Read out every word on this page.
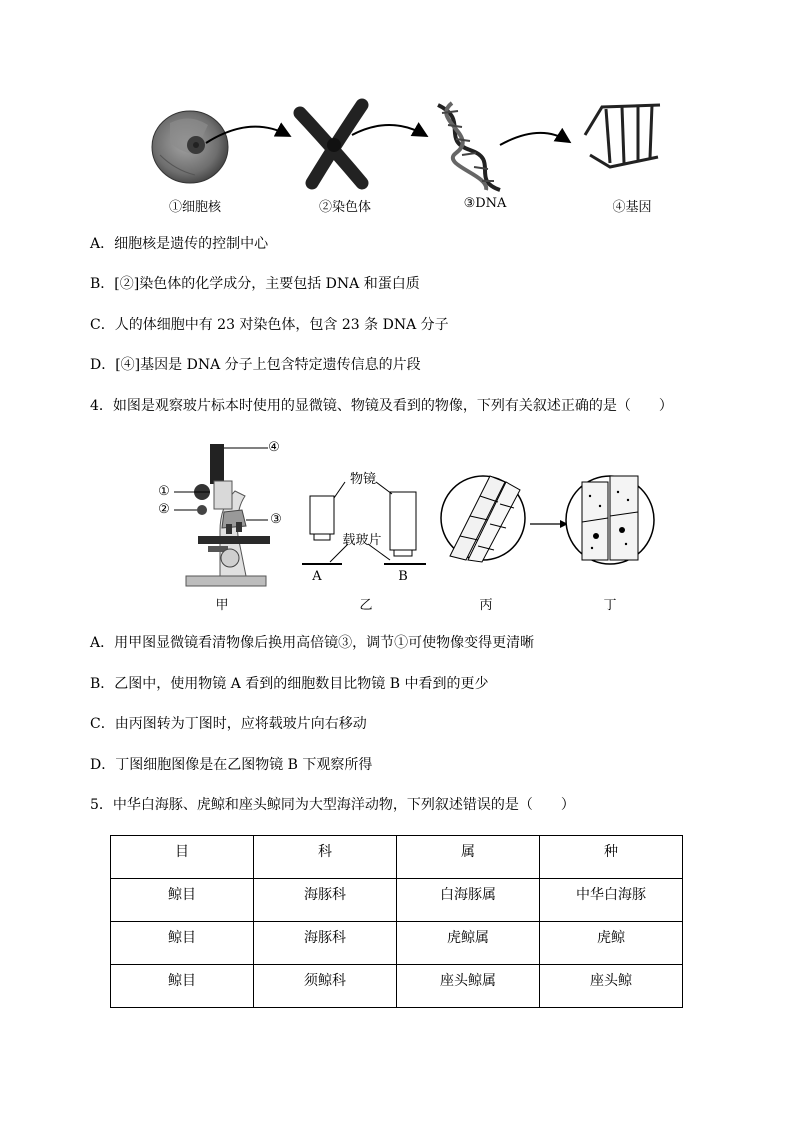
①细胞核	②染色体	③DNA	④基因
A．细胞核是遗传的控制中心
B．[②]染色体的化学成分，主要包括 DNA 和蛋白质
C．人的体细胞中有 23 对染色体，包含 23 条 DNA 分子
D．[④]基因是 DNA 分子上包含特定遗传信息的片段
4．如图是观察玻片标本时使用的显微镜、物镜及看到的物像，下列有关叙述正确的是（　　）
④
①
②
③
物镜
载玻片
A	B
甲	乙	丙	丁
A．用甲图显微镜看清物像后换用高倍镜③，调节①可使物像变得更清晰
B．乙图中，使用物镜 A 看到的细胞数目比物镜 B 中看到的更少
C．由丙图转为丁图时，应将载玻片向右移动
D．丁图细胞图像是在乙图物镜 B 下观察所得
5．中华白海豚、虎鲸和座头鲸同为大型海洋动物，下列叙述错误的是（　　）
目	科	属	种
鲸目	海豚科	白海豚属	中华白海豚
鲸目	海豚科	虎鲸属	虎鲸
鲸目	须鲸科	座头鲸属	座头鲸
